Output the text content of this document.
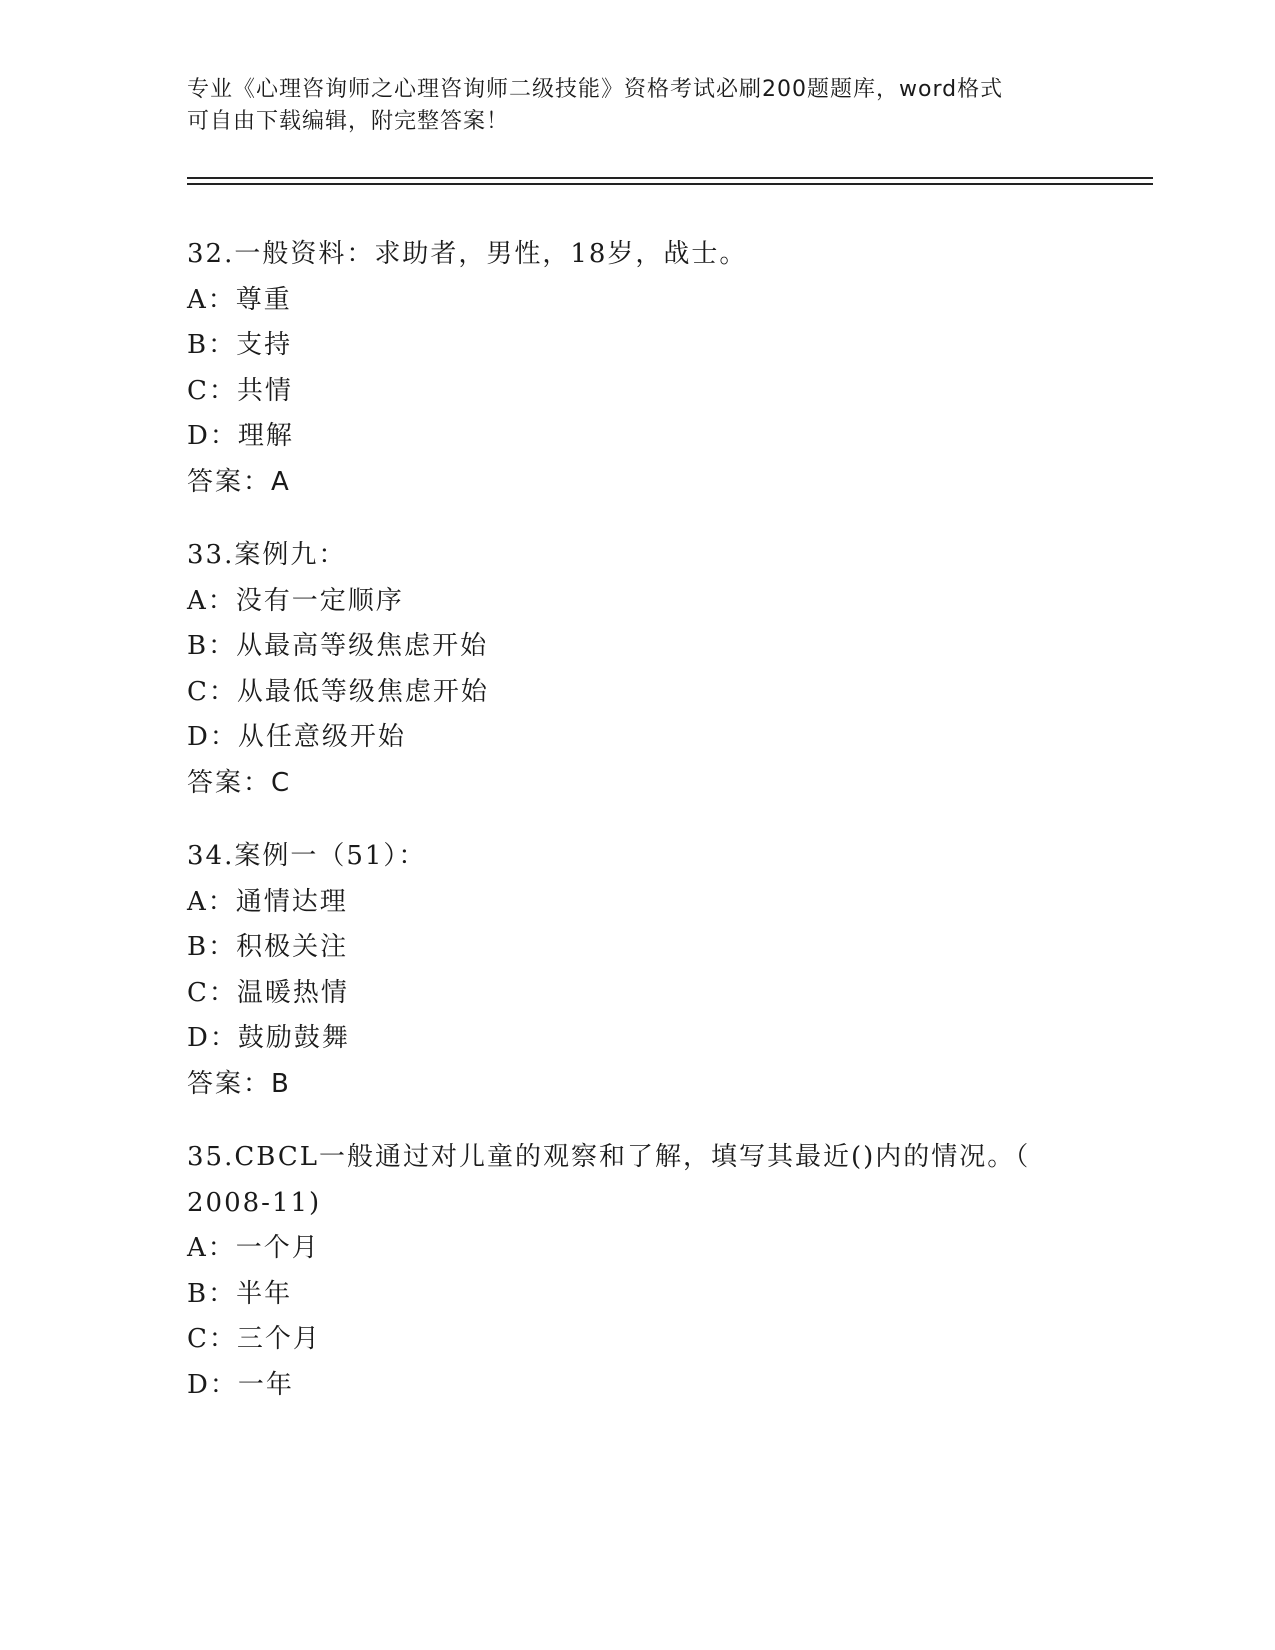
专业《心理咨询师之心理咨询师二级技能》资格考试必刷200题题库，word格式
可自由下载编辑，附完整答案！
32.一般资料：求助者，男性，18岁，战士。
A：尊重
B：支持
C：共情
D：理解
答案：A
33.案例九：
A：没有一定顺序
B：从最高等级焦虑开始
C：从最低等级焦虑开始
D：从任意级开始
答案：C
34.案例一（51）：
A：通情达理
B：积极关注
C：温暖热情
D：鼓励鼓舞
答案：B
35.CBCL一般通过对儿童的观察和了解，填写其最近()内的情况。（
2008-11)
A：一个月
B：半年
C：三个月
D：一年
